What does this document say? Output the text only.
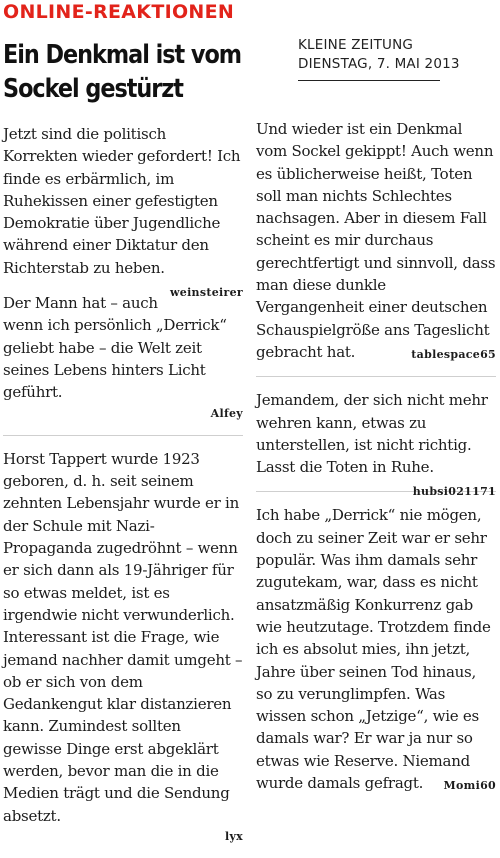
ONLINE-REAKTIONEN
Ein Denkmal ist vom Sockel gestürzt
KLEINE ZEITUNG
DIENSTAG, 7. MAI 2013
Jetzt sind die politisch Korrekten wieder gefordert! Ich finde es erbärmlich, im Ruhekissen einer gefestigten Demokratie über Jugendliche während einer Diktatur den Richterstab zu heben.
weinsteirer
Der Mann hat – auch wenn ich persönlich „Derrick“ geliebt habe – die Welt zeit seines Lebens hinters Licht geführt.
Alfey
Horst Tappert wurde 1923 geboren, d. h. seit seinem zehnten Lebensjahr wurde er in der Schule mit Nazi-Propaganda zugedröhnt – wenn er sich dann als 19-Jähriger für so etwas meldet, ist es irgendwie nicht verwunderlich. Interessant ist die Frage, wie jemand nachher damit umgeht – ob er sich von dem Gedankengut klar distanzieren kann. Zumindest sollten gewisse Dinge erst abgeklärt werden, bevor man die in die Medien trägt und die Sendung absetzt.
lyx
Und wieder ist ein Denkmal vom Sockel gekippt! Auch wenn es üblicherweise heißt, Toten soll man nichts Schlechtes nachsagen. Aber in diesem Fall scheint es mir durchaus gerechtfertigt und sinnvoll, dass man diese dunkle Vergangenheit einer deutschen Schauspielgröße ans Tageslicht gebracht hat.	tablespace65
Jemandem, der sich nicht mehr wehren kann, etwas zu unterstellen, ist nicht richtig. Lasst die Toten in Ruhe.
hubsi021171
Ich habe „Derrick“ nie mögen, doch zu seiner Zeit war er sehr populär. Was ihm damals sehr zugutekam, war, dass es nicht ansatzmäßig Konkurrenz gab wie heutzutage. Trotzdem finde ich es absolut mies, ihn jetzt, Jahre über seinen Tod hinaus, so zu verunglimpfen. Was wissen schon „Jetzige“, wie es damals war? Er war ja nur so etwas wie Reserve. Niemand wurde damals gefragt. Momi60
